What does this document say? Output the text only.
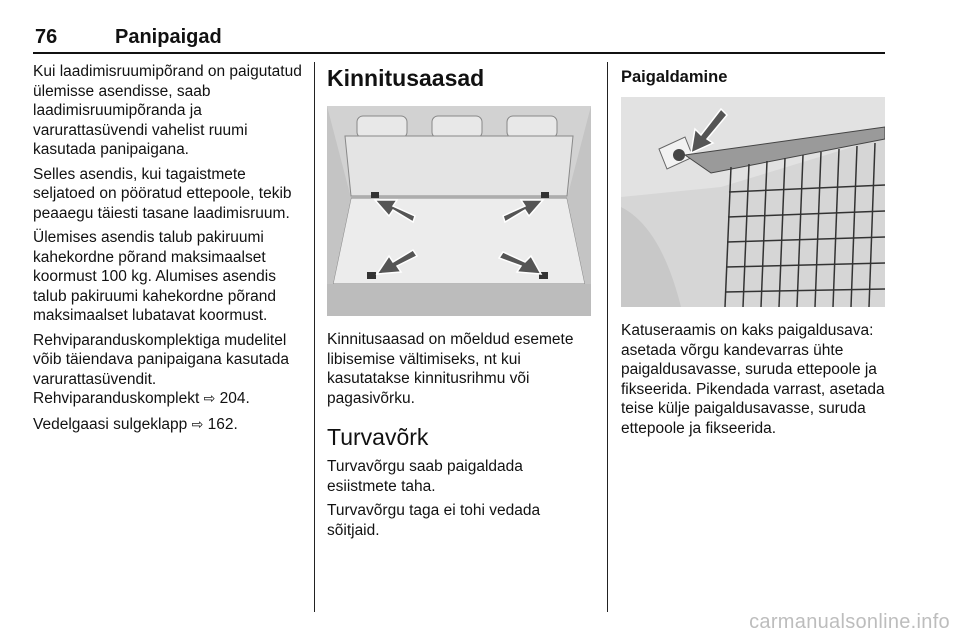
76	Panipaigad

Kui laadimisruumipõrand on paigutatud ülemisse asendisse, saab laadimisruumipõranda ja varurattasüvendi vahelist ruumi kasutada panipaigana.

Selles asendis, kui tagaistmete seljatoed on pööratud ettepoole, tekib peaaegu täiesti tasane laadimisruum.

Ülemises asendis talub pakiruumi kahekordne põrand maksimaalset koormust 100 kg. Alumises asendis talub pakiruumi kahekordne põrand maksimaalset lubatavat koormust.

Rehviparanduskomplektiga mudelitel võib täiendava panipaigana kasutada varurattasüvendit.
Rehviparanduskomplekt ⇨ 204.

Vedelgaasi sulgeklapp ⇨ 162.

Kinnitusaasad

Kinnitusaasad on mõeldud esemete libisemise vältimiseks, nt kui kasutatakse kinnitusrihmu või pagasivõrku.

Turvavõrk

Turvavõrgu saab paigaldada esiistmete taha.

Turvavõrgu taga ei tohi vedada sõitjaid.

Paigaldamine

Katuseraamis on kaks paigaldusava: asetada võrgu kandevarras ühte paigaldusavasse, suruda ettepoole ja fikseerida. Pikendada varrast, asetada teise külje paigaldusavasse, suruda ettepoole ja fikseerida.

carmanualsonline.info
